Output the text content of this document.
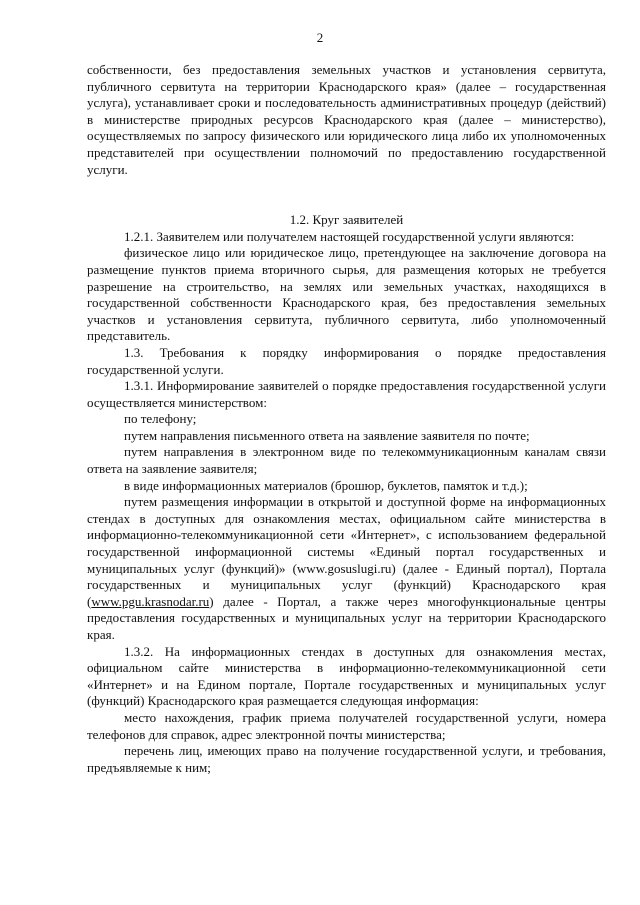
2

собственности, без предоставления земельных участков и установления сервитута, публичного сервитута на территории Краснодарского края» (далее – государственная услуга), устанавливает сроки и последовательность административных процедур (действий) в министерстве природных ресурсов Краснодарского края (далее – министерство), осуществляемых по запросу физического или юридического лица либо их уполномоченных представителей при осуществлении полномочий по предоставлению государственной услуги.

1.2. Круг заявителей

1.2.1. Заявителем или получателем настоящей государственной услуги являются:

физическое лицо или юридическое лицо, претендующее на заключение договора на размещение пунктов приема вторичного сырья, для размещения которых не требуется разрешение на строительство, на землях или земельных участках, находящихся в государственной собственности Краснодарского края, без предоставления земельных участков и установления сервитута, публичного сервитута, либо уполномоченный представитель.

1.3. Требования к порядку информирования о порядке предоставления государственной услуги.

1.3.1. Информирование заявителей о порядке предоставления государственной услуги осуществляется министерством:

по телефону;

путем направления письменного ответа на заявление заявителя по почте;

путем направления в электронном виде по телекоммуникационным каналам связи ответа на заявление заявителя;

в виде информационных материалов (брошюр, буклетов, памяток и т.д.);

путем размещения информации в открытой и доступной форме на информационных стендах в доступных для ознакомления местах, официальном сайте министерства в информационно-телекоммуникационной сети «Интернет», с использованием федеральной государственной информационной системы «Единый портал государственных и муниципальных услуг (функций)» (www.gosuslugi.ru) (далее - Единый портал), Портала государственных и муниципальных услуг (функций) Краснодарского края (www.pgu.krasnodar.ru) далее - Портал, а также через многофункциональные центры предоставления государственных и муниципальных услуг на территории Краснодарского края.

1.3.2. На информационных стендах в доступных для ознакомления местах, официальном сайте министерства в информационно-телекоммуникационной сети «Интернет» и на Едином портале, Портале государственных и муниципальных услуг (функций) Краснодарского края размещается следующая информация:

место нахождения, график приема получателей государственной услуги, номера телефонов для справок, адрес электронной почты министерства;

перечень лиц, имеющих право на получение государственной услуги, и требования, предъявляемые к ним;
